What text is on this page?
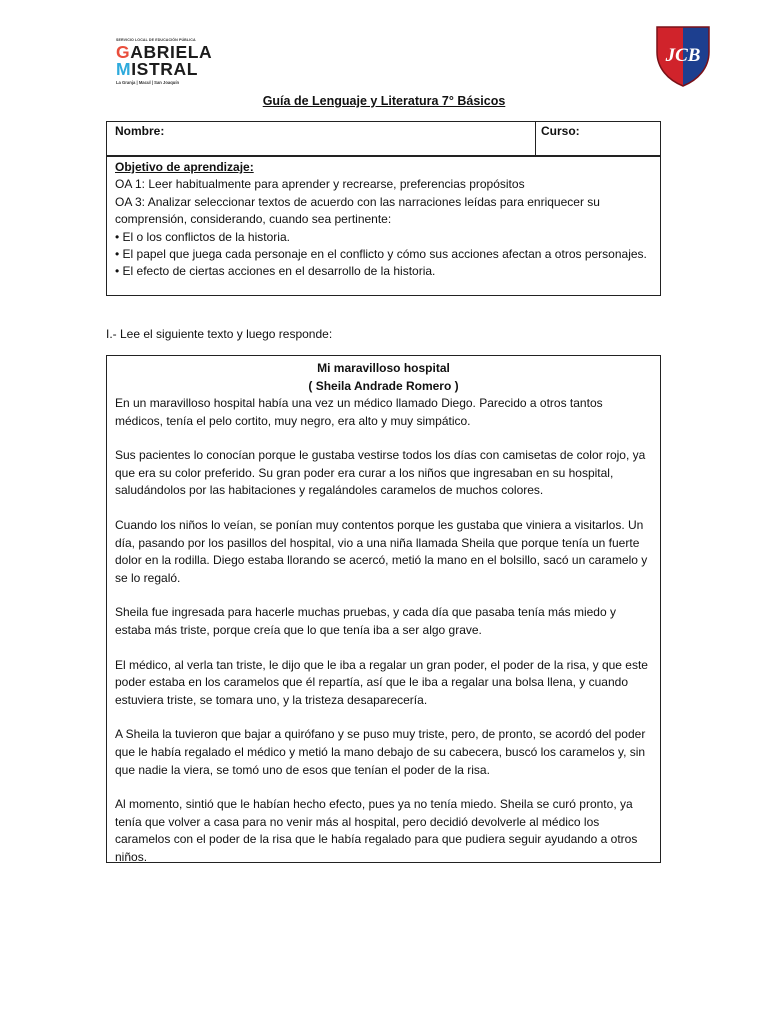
SERVICIO LOCAL DE EDUCACIÓN PÚBLICA
GABRIELA
MISTRAL
La Granja | Macul | San Joaquín
JCB
Guía de Lenguaje y Literatura 7° Básicos
Nombre:	Curso:

Objetivo de aprendizaje:

OA 1: Leer habitualmente para aprender y recrearse, preferencias propósitos

OA 3: Analizar seleccionar textos de acuerdo con las narraciones leídas para enriquecer su comprensión, considerando, cuando sea pertinente:

• El o los conflictos de la historia.

• El papel que juega cada personaje en el conflicto y cómo sus acciones afectan a otros personajes.

• El efecto de ciertas acciones en el desarrollo de la historia.

I.- Lee el siguiente texto y luego responde:
Mi maravilloso hospital
( Sheila Andrade Romero )

En un maravilloso hospital había una vez un médico llamado Diego. Parecido a otros tantos médicos, tenía el pelo cortito, muy negro, era alto y muy simpático.

Sus pacientes lo conocían porque le gustaba vestirse todos los días con camisetas de color rojo, ya que era su color preferido. Su gran poder era curar a los niños que ingresaban en su hospital, saludándolos por las habitaciones y regalándoles caramelos de muchos colores.

Cuando los niños lo veían, se ponían muy contentos porque les gustaba que viniera a visitarlos. Un día, pasando por los pasillos del hospital, vio a una niña llamada Sheila que porque tenía un fuerte dolor en la rodilla. Diego estaba llorando se acercó, metió la mano en el bolsillo, sacó un caramelo y se lo regaló.

Sheila fue ingresada para hacerle muchas pruebas, y cada día que pasaba tenía más miedo y estaba más triste, porque creía que lo que tenía iba a ser algo grave.

El médico, al verla tan triste, le dijo que le iba a regalar un gran poder, el poder de la risa, y que este poder estaba en los caramelos que él repartía, así que le iba a regalar una bolsa llena, y cuando estuviera triste, se tomara uno, y la tristeza desaparecería.

A Sheila la tuvieron que bajar a quirófano y se puso muy triste, pero, de pronto, se acordó del poder que le había regalado el médico y metió la mano debajo de su cabecera, buscó los caramelos y, sin que nadie la viera, se tomó uno de esos que tenían el poder de la risa.

Al momento, sintió que le habían hecho efecto, pues ya no tenía miedo. Sheila se curó pronto, ya tenía que volver a casa para no venir más al hospital, pero decidió devolverle al médico los caramelos con el poder de la risa que le había regalado para que pudiera seguir ayudando a otros niños.
